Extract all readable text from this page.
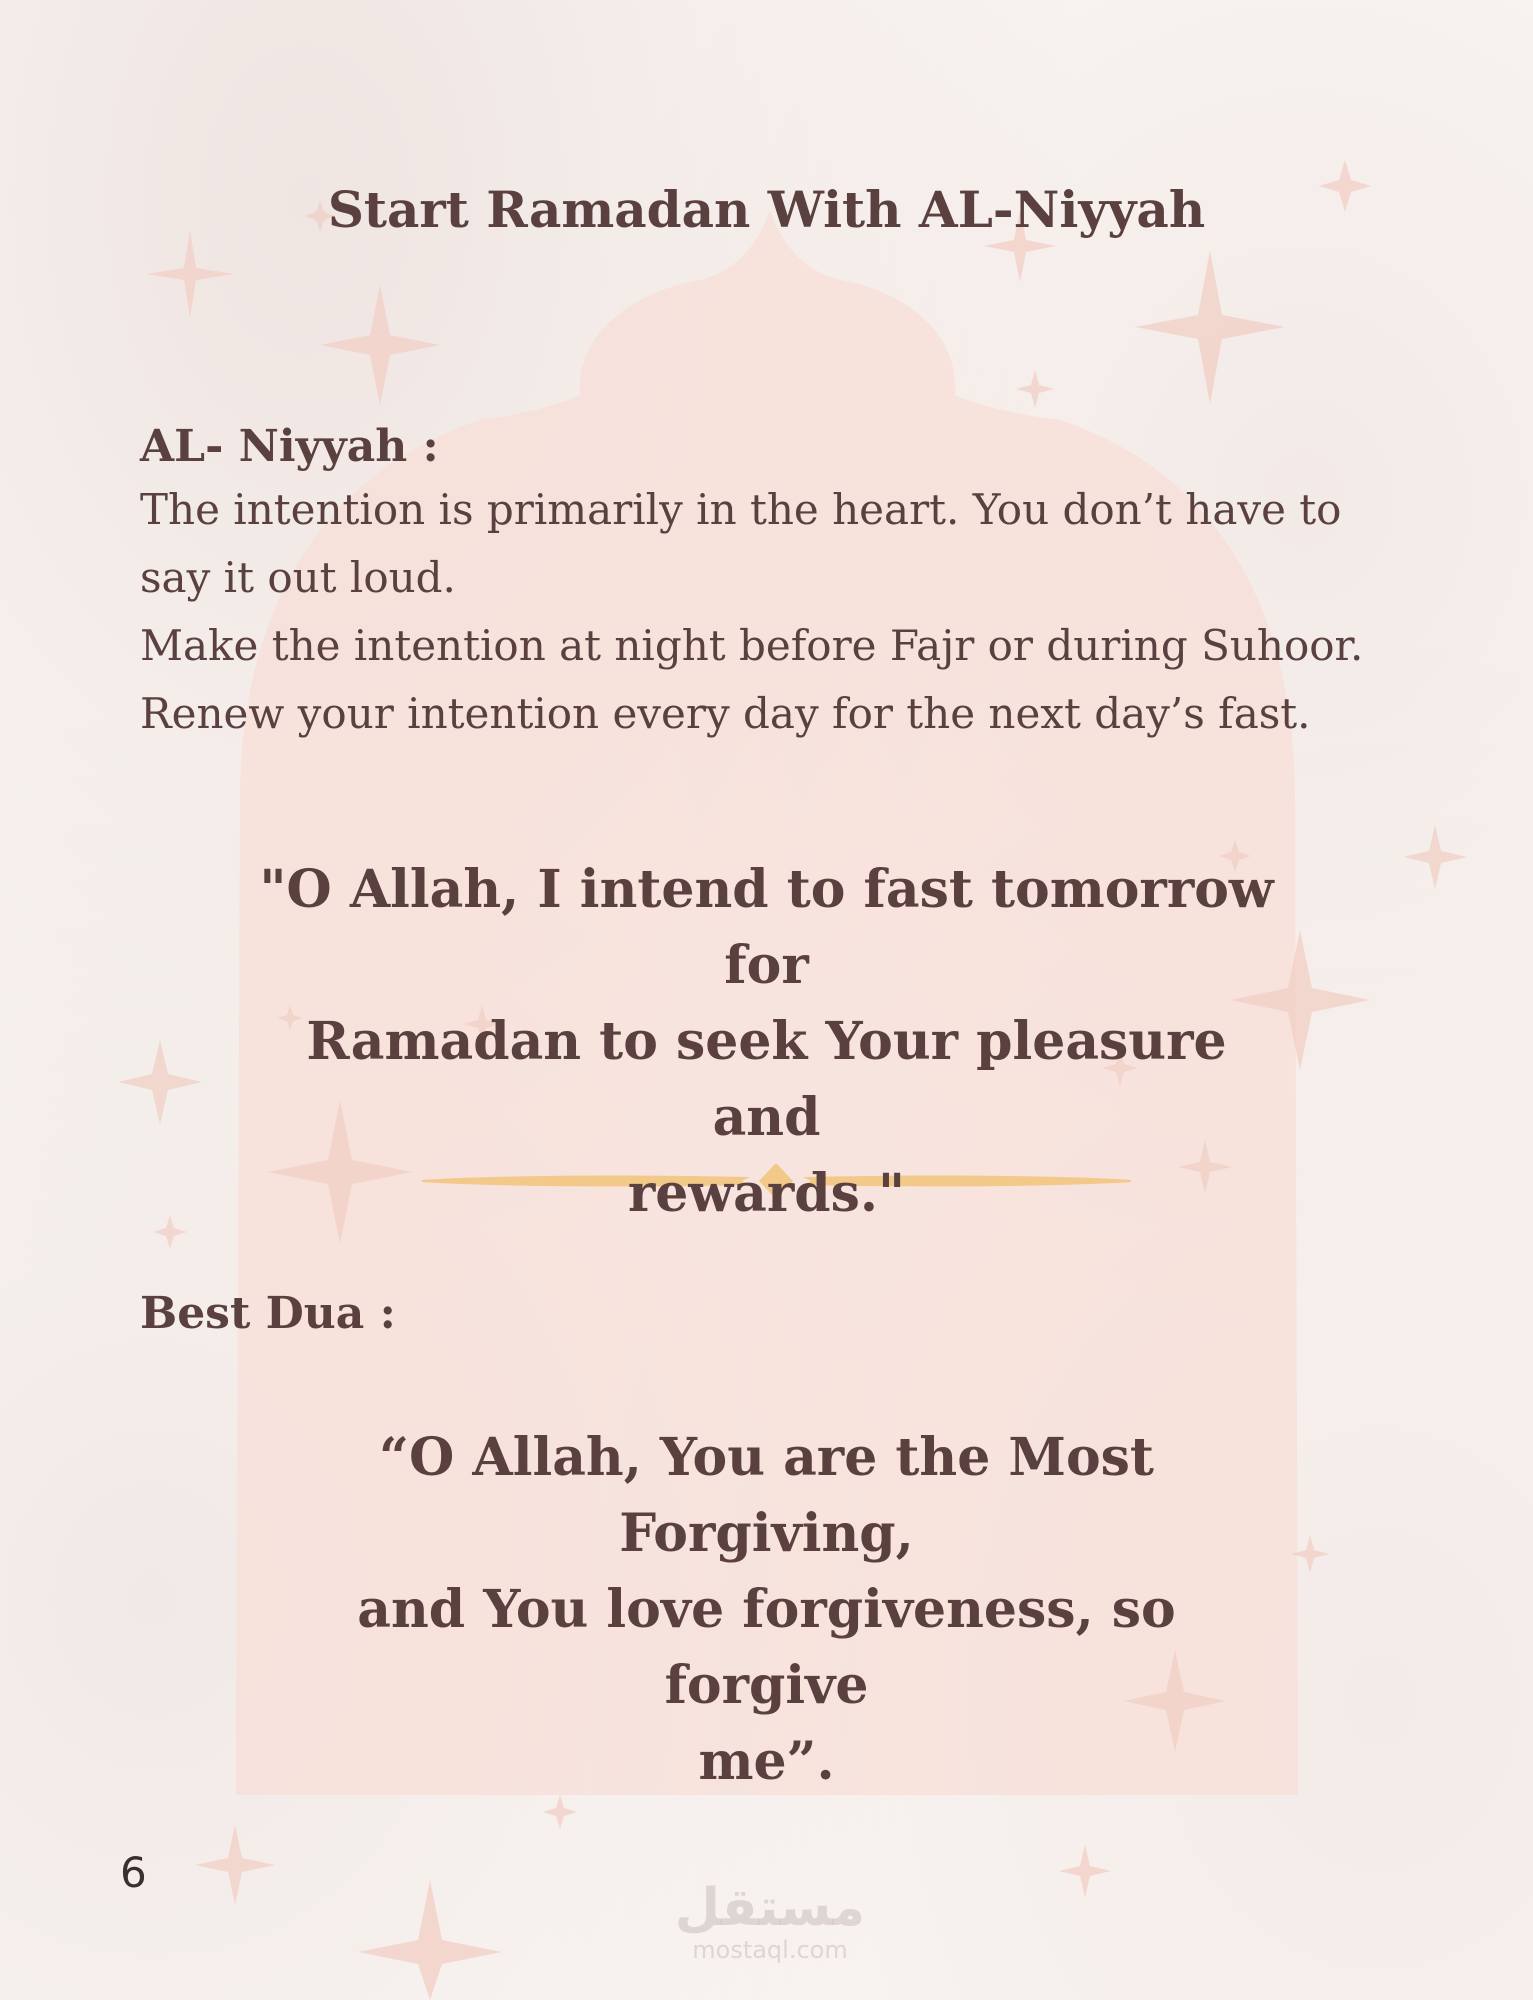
Start Ramadan With AL-Niyyah

AL- Niyyah :

The intention is primarily in the heart. You don’t have to

say it out loud.

Make the intention at night before Fajr or during Suhoor.

Renew your intention every day for the next day’s fast.

"O Allah, I intend to fast tomorrow for
Ramadan to seek Your pleasure and
rewards."

Best Dua :

“O Allah, You are the Most Forgiving,
and You love forgiveness, so forgive
me”.
6
مستقل
mostaql.com
